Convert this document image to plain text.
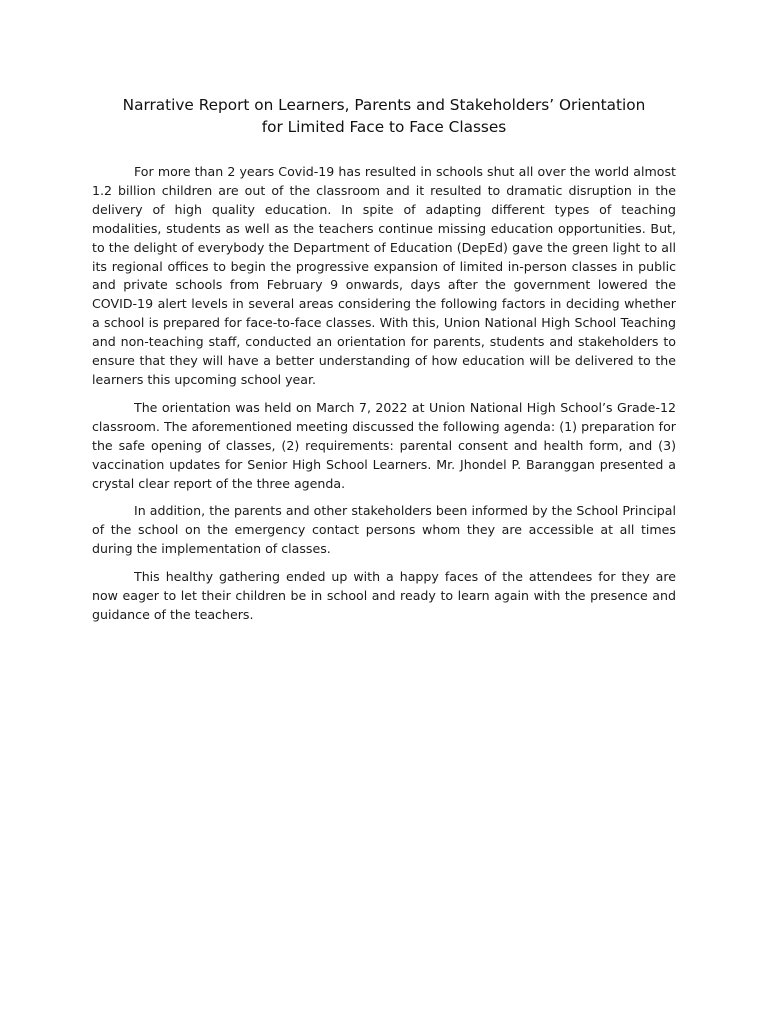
Narrative Report on Learners, Parents and Stakeholders’ Orientation
for Limited Face to Face Classes

For more than 2 years Covid-19 has resulted in schools shut all over the world almost 1.2 billion children are out of the classroom and it resulted to dramatic disruption in the delivery of high quality education. In spite of adapting different types of teaching modalities, students as well as the teachers continue missing education opportunities. But, to the delight of everybody the Department of Education (DepEd) gave the green light to all its regional offices to begin the progressive expansion of limited in-person classes in public and private schools from February 9 onwards, days after the government lowered the COVID-19 alert levels in several areas considering the following factors in deciding whether a school is prepared for face-to-face classes. With this, Union National High School Teaching and non-teaching staff, conducted an orientation for parents, students and stakeholders to ensure that they will have a better understanding of how education will be delivered to the learners this upcoming school year.

The orientation was held on March 7, 2022 at Union National High School’s Grade-12 classroom. The aforementioned meeting discussed the following agenda: (1) preparation for the safe opening of classes, (2) requirements: parental consent and health form, and (3) vaccination updates for Senior High School Learners. Mr. Jhondel P. Baranggan presented a crystal clear report of the three agenda.

In addition, the parents and other stakeholders been informed by the School Principal of the school on the emergency contact persons whom they are accessible at all times during the implementation of classes.

This healthy gathering ended up with a happy faces of the attendees for they are now eager to let their children be in school and ready to learn again with the presence and guidance of the teachers.
